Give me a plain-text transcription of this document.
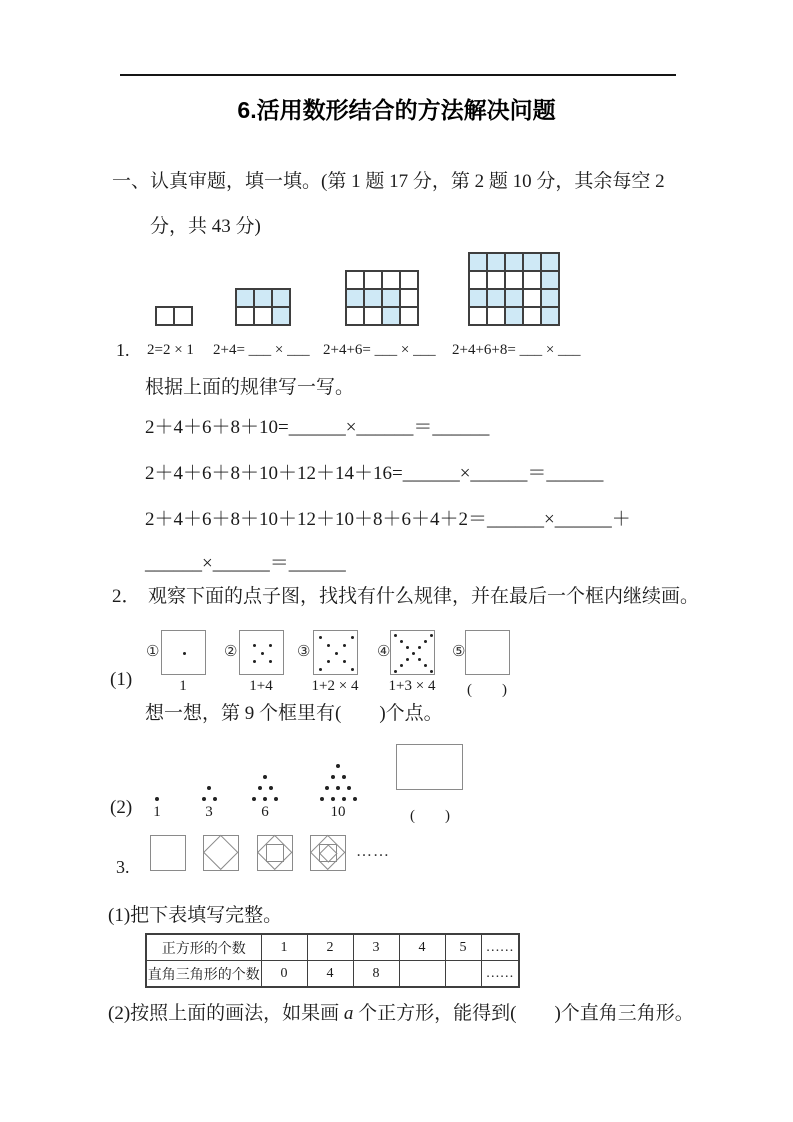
6.活用数形结合的方法解决问题
一、认真审题，填一填。(第 1 题 17 分，第 2 题 10 分，其余每空 2
分，共 43 分)
1. 2=2 × 1 2+4= ___ × ___ 2+4+6= ___ × ___ 2+4+6+8= ___ × ___
根据上面的规律写一写。
2＋4＋6＋8＋10=______×______＝______
2＋4＋6＋8＋10＋12＋14＋16=______×______＝______
2＋4＋6＋8＋10＋12＋10＋8＋6＋4＋2＝______×______＋
______×______＝______
2． 观察下面的点子图，找找有什么规律，并在最后一个框内继续画。
(1)
①
1
②
1+4
③
1+2 × 4
④
1+3 × 4
⑤
(　　)
想一想，第 9 个框里有(　　)个点。
(2)	1	3	6	10	(　　)
3.
……
(1)把下表填写完整。
正方形的个数	1	2	3	4	5	……
直角三角形的个数	0	4	8			……
(2)按照上面的画法，如果画 a 个正方形，能得到(　　)个直角三角形。
